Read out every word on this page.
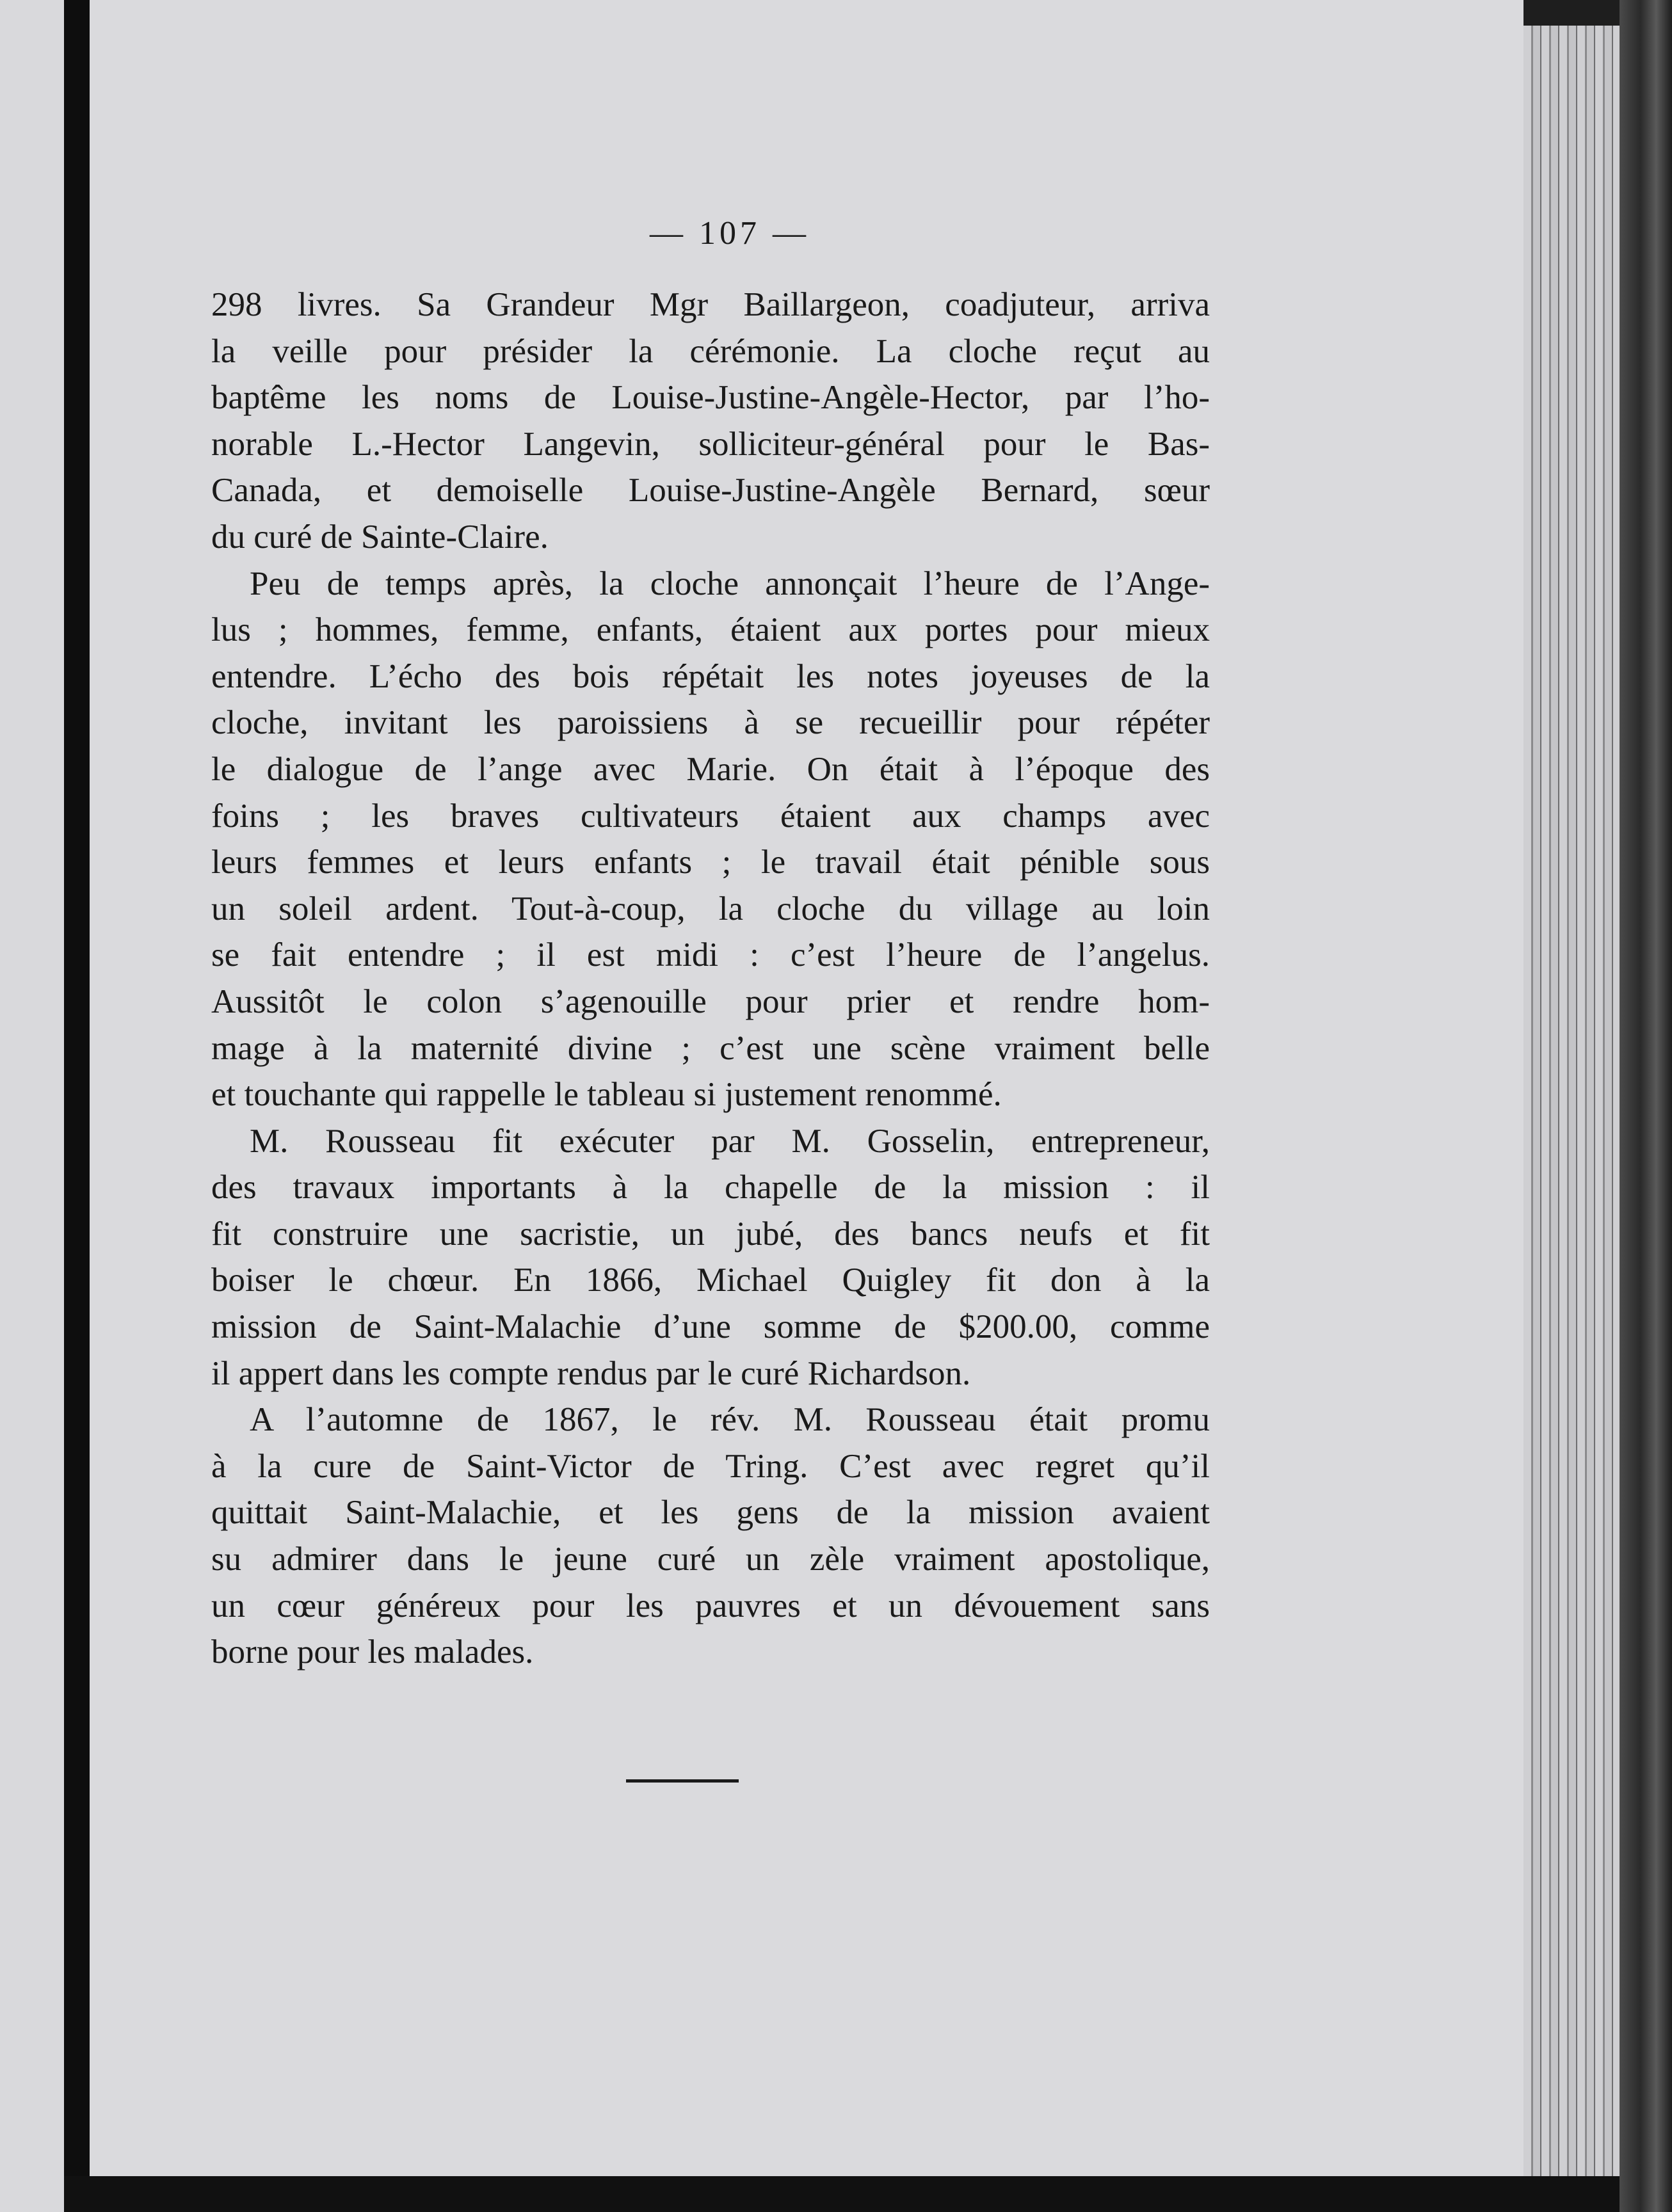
— 107 —
298 livres. Sa Grandeur Mgr Baillargeon, coadjuteur, arriva
la veille pour présider la cérémonie. La cloche reçut au
baptême les noms de Louise-Justine-Angèle-Hector, par l’ho-
norable L.-Hector Langevin, solliciteur-général pour le Bas-
Canada, et demoiselle Louise-Justine-Angèle Bernard, sœur
du curé de Sainte-Claire.
Peu de temps après, la cloche annonçait l’heure de l’Ange-
lus ; hommes, femme, enfants, étaient aux portes pour mieux
entendre. L’écho des bois répétait les notes joyeuses de la
cloche, invitant les paroissiens à se recueillir pour répéter
le dialogue de l’ange avec Marie. On était à l’époque des
foins ; les braves cultivateurs étaient aux champs avec
leurs femmes et leurs enfants ; le travail était pénible sous
un soleil ardent. Tout-à-coup, la cloche du village au loin
se fait entendre ; il est midi : c’est l’heure de l’angelus.
Aussitôt le colon s’agenouille pour prier et rendre hom-
mage à la maternité divine ; c’est une scène vraiment belle
et touchante qui rappelle le tableau si justement renommé.
M. Rousseau fit exécuter par M. Gosselin, entrepreneur,
des travaux importants à la chapelle de la mission : il
fit construire une sacristie, un jubé, des bancs neufs et fit
boiser le chœur. En 1866, Michael Quigley fit don à la
mission de Saint-Malachie d’une somme de $200.00, comme
il appert dans les compte rendus par le curé Richardson.
A l’automne de 1867, le rév. M. Rousseau était promu
à la cure de Saint-Victor de Tring. C’est avec regret qu’il
quittait Saint-Malachie, et les gens de la mission avaient
su admirer dans le jeune curé un zèle vraiment apostolique,
un cœur généreux pour les pauvres et un dévouement sans
borne pour les malades.
